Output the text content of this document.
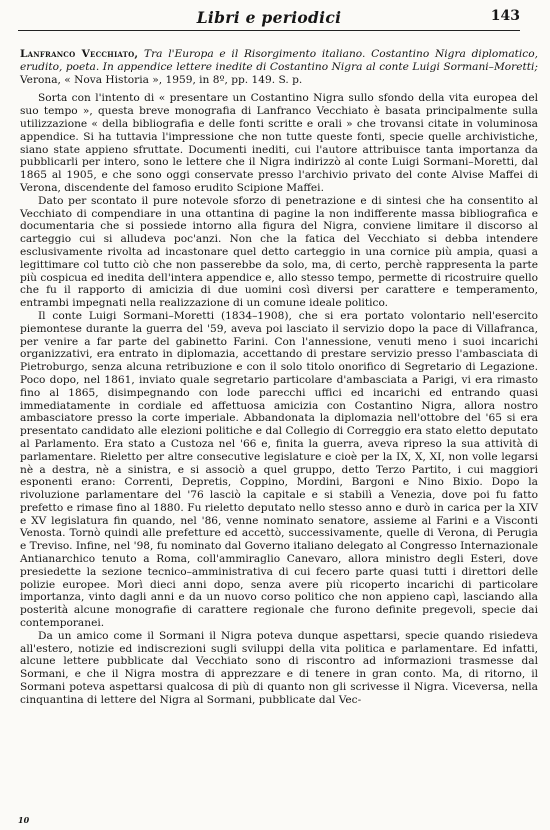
Libri e periodici	143

Lanfranco Vecchiato, Tra l'Europa e il Risorgimento italiano. Costantino Nigra diplomatico, erudito, poeta. In appendice lettere inedite di Costantino Nigra al conte Luigi Sormani–Moretti; Verona, « Nova Historia », 1959, in 8º, pp. 149. S. p.

Sorta con l'intento di « presentare un Costantino Nigra sullo sfondo della vita europea del suo tempo », questa breve monografia di Lanfranco Vecchiato è basata principalmente sulla utilizzazione « della bibliografia e delle fonti scritte e orali » che trovansi citate in voluminosa appendice. Si ha tuttavia l'impressione che non tutte queste fonti, specie quelle archivistiche, siano state appieno sfruttate. Documenti inediti, cui l'autore attribuisce tanta importanza da pubblicarli per intero, sono le lettere che il Nigra indirizzò al conte Luigi Sormani–Moretti, dal 1865 al 1905, e che sono oggi conservate presso l'archivio privato del conte Alvise Maffei di Verona, discendente del famoso erudito Scipione Maffei.

Dato per scontato il pure notevole sforzo di penetrazione e di sintesi che ha consentito al Vecchiato di compendiare in una ottantina di pagine la non indifferente massa bibliografica e documentaria che si possiede intorno alla figura del Nigra, conviene limitare il discorso al carteggio cui si alludeva poc'anzi. Non che la fatica del Vecchiato si debba intendere esclusivamente rivolta ad incastonare quel detto carteggio in una cornice più ampia, quasi a legittimare col tutto ciò che non passerebbe da solo, ma, di certo, perchè rappresenta la parte più cospicua ed inedita dell'intera appendice e, allo stesso tempo, permette di ricostruire quello che fu il rapporto di amicizia di due uomini così diversi per carattere e temperamento, entrambi impegnati nella realizzazione di un comune ideale politico.

Il conte Luigi Sormani–Moretti (1834–1908), che si era portato volontario nell'esercito piemontese durante la guerra del '59, aveva poi lasciato il servizio dopo la pace di Villafranca, per venire a far parte del gabinetto Farini. Con l'annessione, venuti meno i suoi incarichi organizzativi, era entrato in diplomazia, accettando di prestare servizio presso l'ambasciata di Pietroburgo, senza alcuna retribuzione e con il solo titolo onorifico di Segretario di Legazione. Poco dopo, nel 1861, inviato quale segretario particolare d'ambasciata a Parigi, vi era rimasto fino al 1865, disimpegnando con lode parecchi uffici ed incarichi ed entrando quasi immediatamente in cordiale ed affettuosa amicizia con Costantino Nigra, allora nostro ambasciatore presso la corte imperiale. Abbandonata la diplomazia nell'ottobre del '65 si era presentato candidato alle elezioni politiche e dal Collegio di Correggio era stato eletto deputato al Parlamento. Era stato a Custoza nel '66 e, finita la guerra, aveva ripreso la sua attività di parlamentare. Rieletto per altre consecutive legislature e cioè per la IX, X, XI, non volle legarsi nè a destra, nè a sinistra, e si associò a quel gruppo, detto Terzo Partito, i cui maggiori esponenti erano: Correnti, Depretis, Coppino, Mordini, Bargoni e Nino Bixio. Dopo la rivoluzione parlamentare del '76 lasciò la capitale e si stabilì a Venezia, dove poi fu fatto prefetto e rimase fino al 1880. Fu rieletto deputato nello stesso anno e durò in carica per la XIV e XV legislatura fin quando, nel '86, venne nominato senatore, assieme al Farini e a Visconti Venosta. Tornò quindi alle prefetture ed accettò, successivamente, quelle di Verona, di Perugia e Treviso. Infine, nel '98, fu nominato dal Governo italiano delegato al Congresso Internazionale Antianarchico tenuto a Roma, coll'ammiraglio Canevaro, allora ministro degli Esteri, dove presiedette la sezione tecnico–amministrativa di cui fecero parte quasi tutti i direttori delle polizie europee. Morì dieci anni dopo, senza avere più ricoperto incarichi di particolare importanza, vinto dagli anni e da un nuovo corso politico che non appieno capì, lasciando alla posterità alcune monografie di carattere regionale che furono definite pregevoli, specie dai contemporanei.

Da un amico come il Sormani il Nigra poteva dunque aspettarsi, specie quando risiedeva all'estero, notizie ed indiscrezioni sugli sviluppi della vita politica e parlamentare. Ed infatti, alcune lettere pubblicate dal Vecchiato sono di riscontro ad informazioni trasmesse dal Sormani, e che il Nigra mostra di apprezzare e di tenere in gran conto. Ma, di ritorno, il Sormani poteva aspettarsi qualcosa di più di quanto non gli scrivesse il Nigra. Viceversa, nella cinquantina di lettere del Nigra al Sormani, pubblicate dal Vec-

10
